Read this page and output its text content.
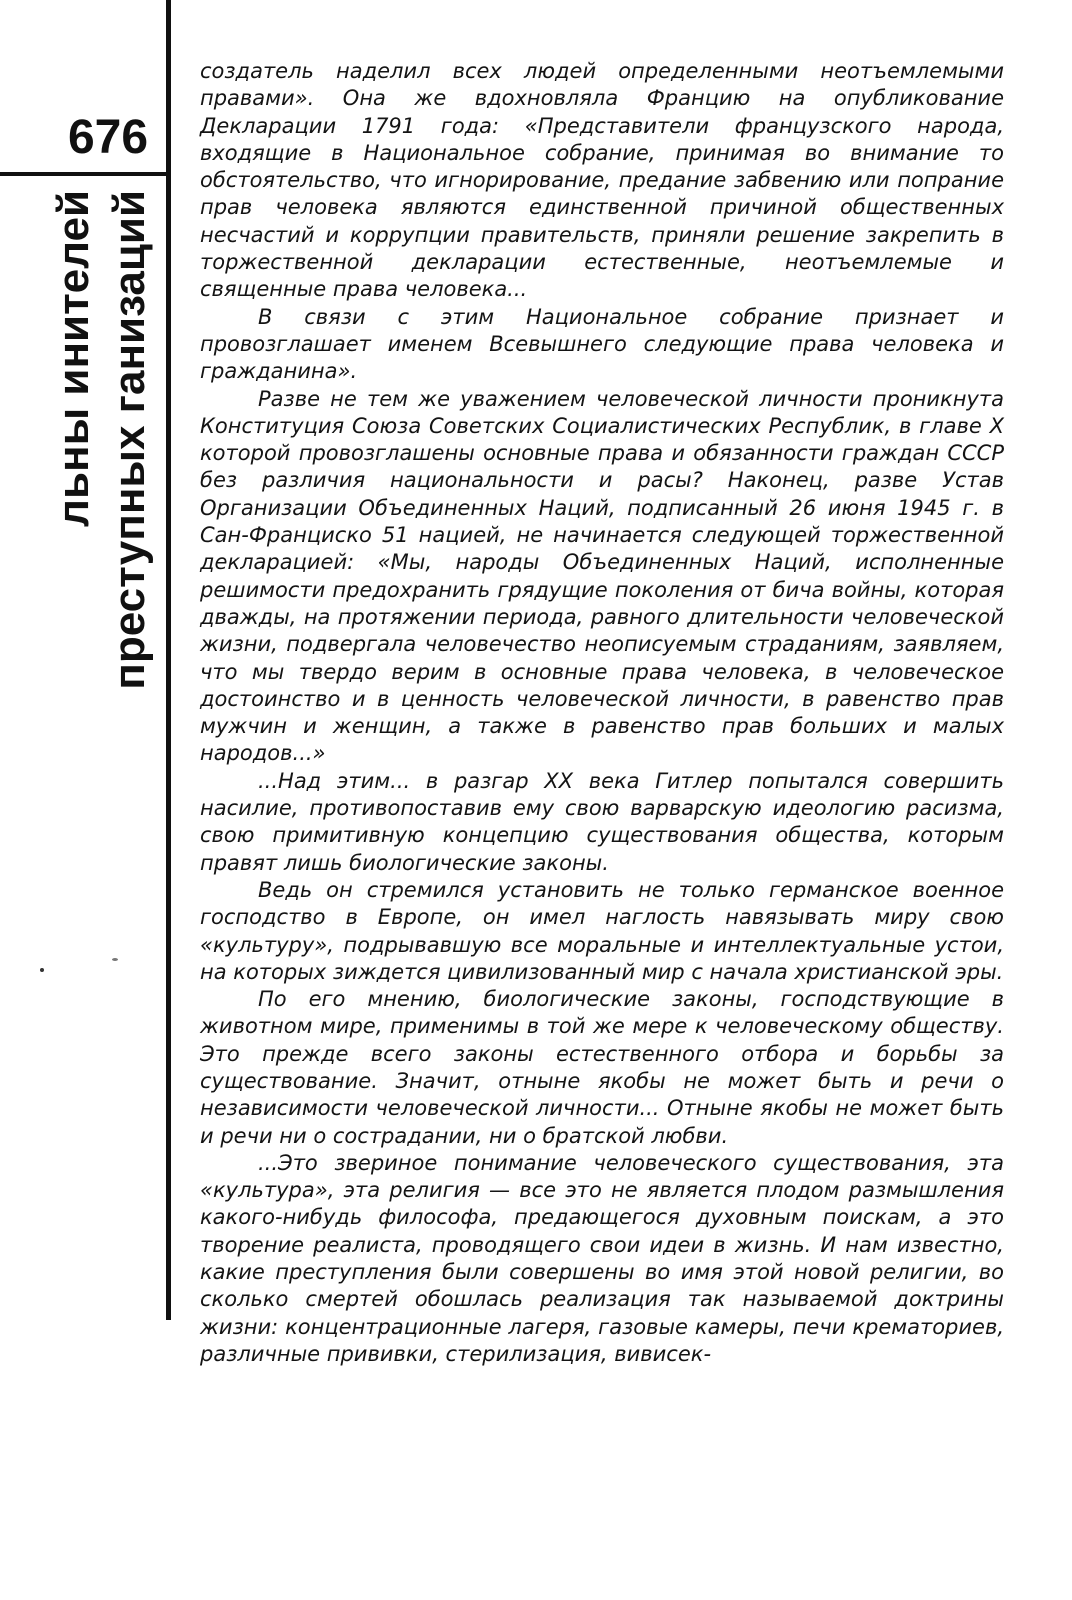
676
льны инителей преступных ганизаций

создатель наделил всех людей определенными неотъемлемыми правами». Она же вдохновляла Францию на опубликование Декларации 1791 года: «Представители французского народа, входящие в Национальное собрание, принимая во внимание то обстоятельство, что игнорирование, предание забвению или попрание прав человека являются единственной причиной общественных несчастий и коррупции правительств, приняли решение закрепить в торжественной декларации естественные, неотъемлемые и священные права человека...

В связи с этим Национальное собрание признает и провозглашает именем Всевышнего следующие права человека и гражданина».

Разве не тем же уважением человеческой личности проникнута Конституция Союза Советских Социалистических Республик, в главе X которой провозглашены основные права и обязанности граждан СССР без различия национальности и расы? Наконец, разве Устав Организации Объединенных Наций, подписанный 26 июня 1945 г. в Сан-Франциско 51 нацией, не начинается следующей торжественной декларацией: «Мы, народы Объединенных Наций, исполненные решимости предохранить грядущие поколения от бича войны, которая дважды, на протяжении периода, равного длительности человеческой жизни, подвергала человечество неописуемым страданиям, заявляем, что мы твердо верим в основные права человека, в человеческое достоинство и в ценность человеческой личности, в равенство прав мужчин и женщин, а также в равенство прав больших и малых народов...»

...Над этим... в разгар XX века Гитлер попытался совершить насилие, противопоставив ему свою варварскую идеологию расизма, свою примитивную концепцию существования общества, которым правят лишь биологические законы.

Ведь он стремился установить не только германское военное господство в Европе, он имел наглость навязывать миру свою «культуру», подрывавшую все моральные и интеллектуальные устои, на которых зиждется цивилизованный мир с начала христианской эры.

По его мнению, биологические законы, господствующие в животном мире, применимы в той же мере к человеческому обществу. Это прежде всего законы естественного отбора и борьбы за существование. Значит, отныне якобы не может быть и речи о независимости человеческой личности... Отныне якобы не может быть и речи ни о сострадании, ни о братской любви.

...Это звериное понимание человеческого существования, эта «культура», эта религия — все это не является плодом размышления какого-нибудь философа, предающегося духовным поискам, а это творение реалиста, проводящего свои идеи в жизнь. И нам известно, какие преступления были совершены во имя этой новой религии, во сколько смертей обошлась реализация так называемой доктрины жизни: концентрационные лагеря, газовые камеры, печи крематориев, различные прививки, стерилизация, вивисек-
